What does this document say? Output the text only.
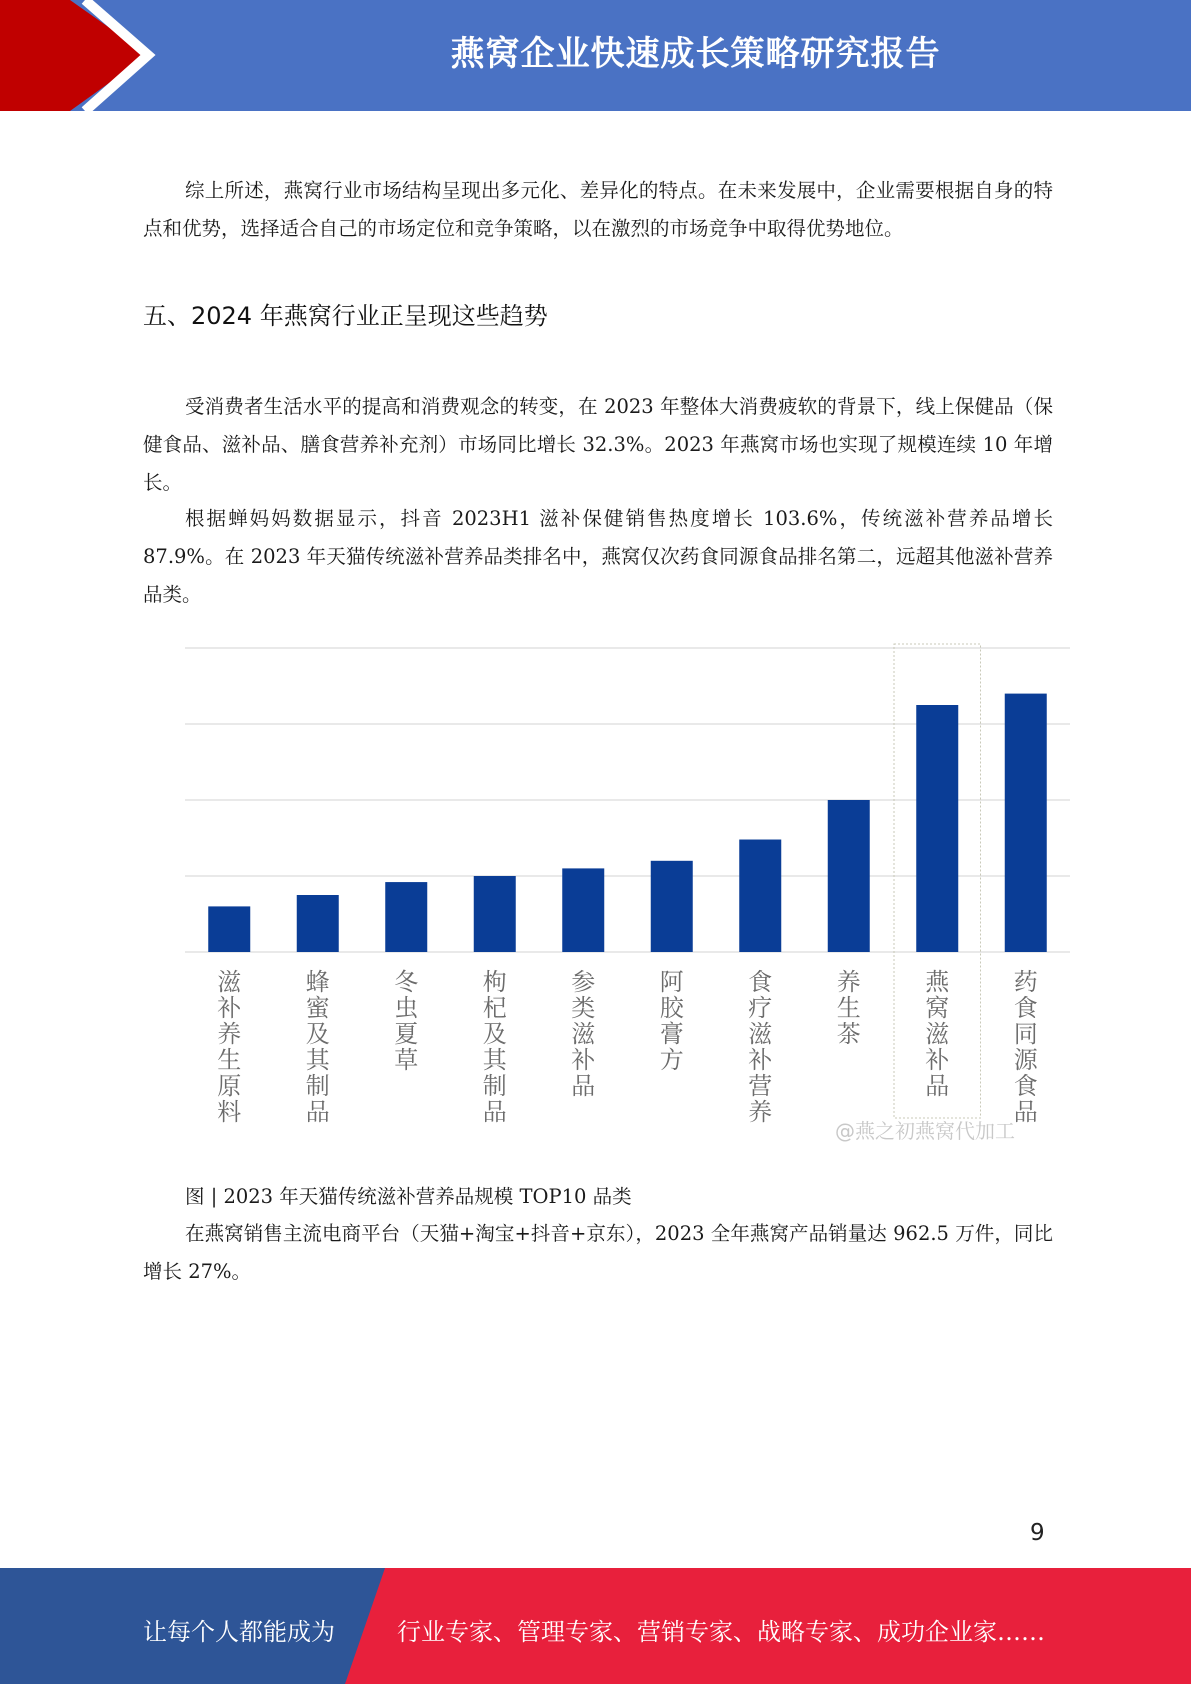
燕窝企业快速成长策略研究报告

综上所述，燕窝行业市场结构呈现出多元化、差异化的特点。在未来发展中，企业需要根据自身的特点和优势，选择适合自己的市场定位和竞争策略，以在激烈的市场竞争中取得优势地位。

五、2024 年燕窝行业正呈现这些趋势

受消费者生活水平的提高和消费观念的转变，在 2023 年整体大消费疲软的背景下，线上保健品（保健食品、滋补品、膳食营养补充剂）市场同比增长 32.3%。2023 年燕窝市场也实现了规模连续 10 年增长。

根据蝉妈妈数据显示，抖音 2023H1 滋补保健销售热度增长 103.6%，传统滋补营养品增长 87.9%。在 2023 年天猫传统滋补营养品类排名中，燕窝仅次药食同源食品排名第二，远超其他滋补营养品类。

滋补养生原料
蜂蜜及其制品
冬虫夏草
枸杞及其制品
参类滋补品
阿胶膏方
食疗滋补营养
养生茶
燕窝滋补品
药食同源食品
@燕之初燕窝代加工
图 | 2023 年天猫传统滋补营养品规模 TOP10 品类

在燕窝销售主流电商平台（天猫+淘宝+抖音+京东），2023 全年燕窝产品销量达 962.5 万件，同比增长 27%。

9
让每个人都能成为	行业专家、管理专家、营销专家、战略专家、成功企业家……
